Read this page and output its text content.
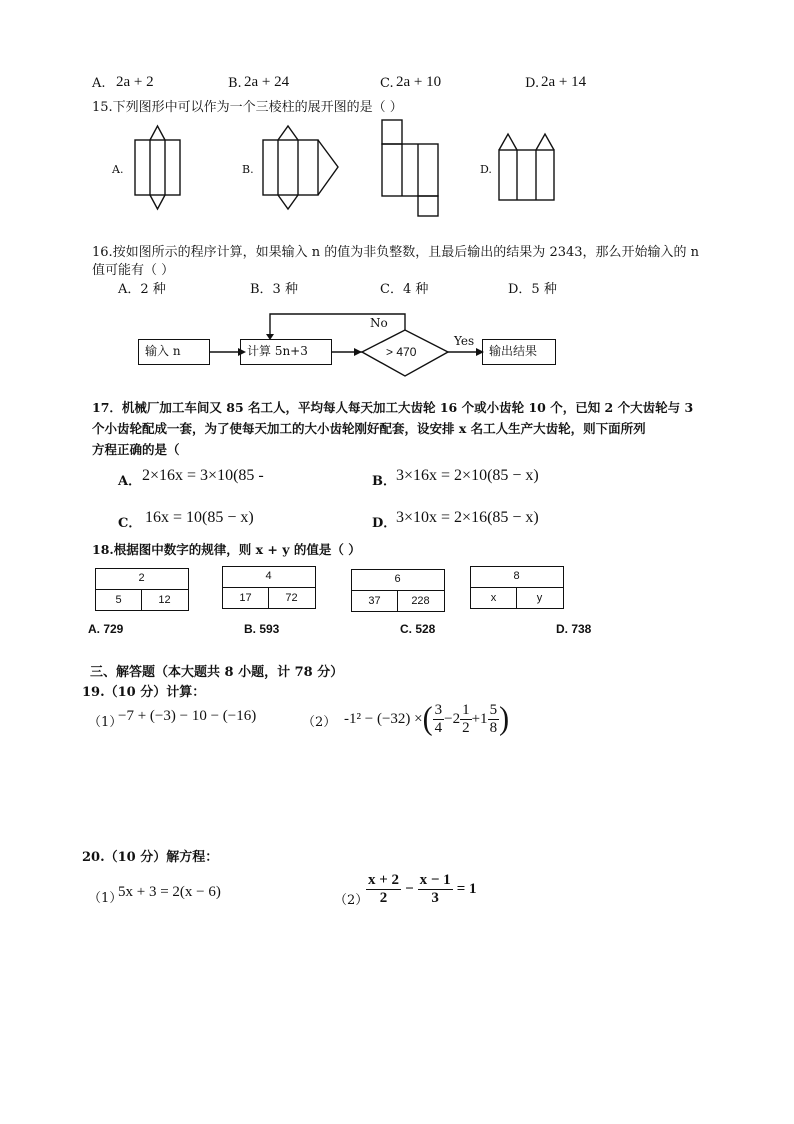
A. 2a + 2	B. 2a + 24	C. 2a + 10	D. 2a + 14
15.下列图形中可以作为一个三棱柱的展开图的是（ ）
A.	B.	D.
16.按如图所示的程序计算，如果输入 n 的值为非负整数，且最后输出的结果为 2343，那么开始输入的 n
值可能有（ ）
A．2 种	B．3 种	C．4 种	D．5 种
输入 n	计算 5n+3	> 470
No
Yes
输出结果
17．机械厂加工车间又 85 名工人，平均每人每天加工大齿轮 16 个或小齿轮 10 个，已知 2 个大齿轮与 3
个小齿轮配成一套，为了使每天加工的大小齿轮刚好配套，设安排 x 名工人生产大齿轮，则下面所列
方程正确的是（
A． 2×16x = 3×10(85 -	B． 3×16x = 2×10(85 − x)
C． 16x = 10(85 − x)	D． 3×10x = 2×16(85 − x)
18.根据图中数字的规律，则 x + y 的值是（ ）
2
5	12
4
17	72
6
37	228
8
x	y
A. 729	B. 593	C. 528	D. 738
三、解答题（本大题共 8 小题，计 78 分）
19.（10 分）计算：
（1）
−7 + (−3) − 10 − (−16)	（2） -1² − (−32) × ( $\frac{3}{4} -2 \frac{1}{2} +1 \frac{5}{8}$ )
20.（10 分）解方程：
（1）
5x + 3 = 2(x − 6)
（2）
$\frac{x + 2}{2} - \frac{x - 1}{3} = 1$
